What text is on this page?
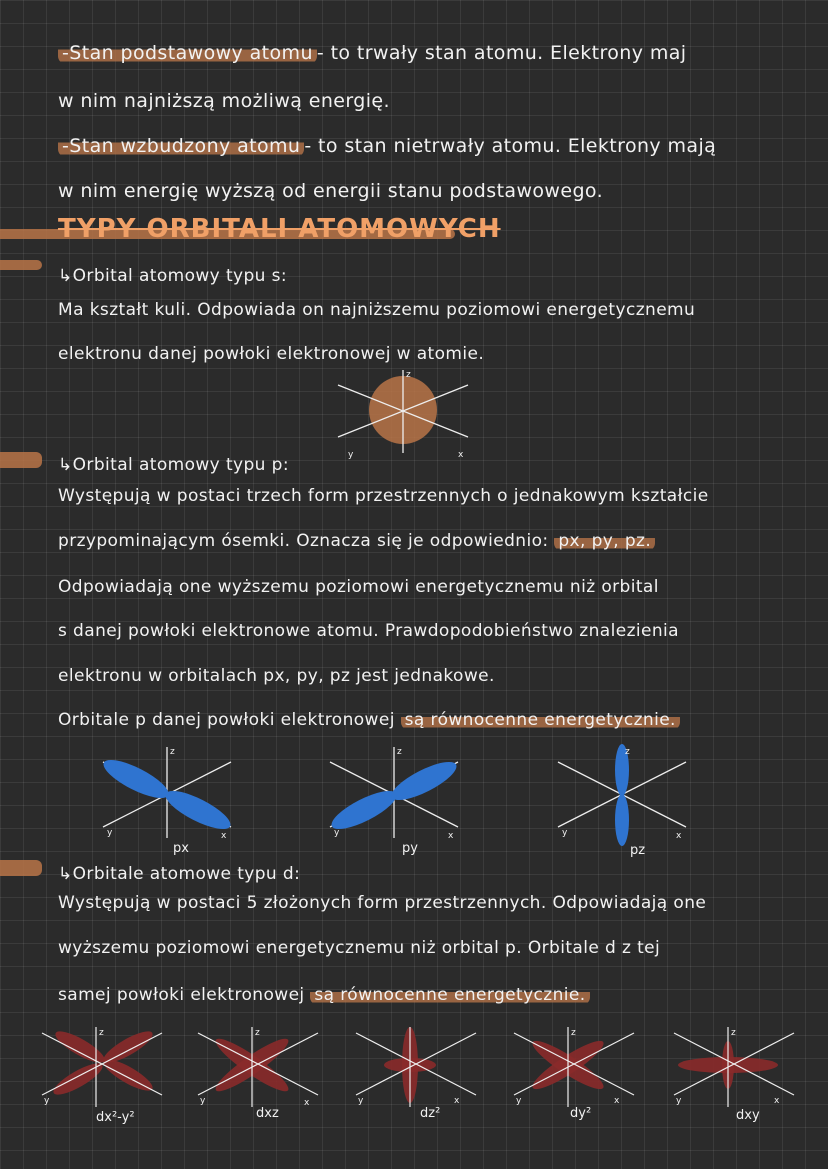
-Stan podstawowy atomu - to trwały stan atomu. Elektrony maj
w nim najniższą możliwą energię.
-Stan wzbudzony atomu - to stan nietrwały atomu. Elektrony mają
w nim energię wyższą od energii stanu podstawowego.
TYPY ORBITALI ATOMOWYCH
↳Orbital atomowy typu s:
Ma kształt kuli. Odpowiada on najniższemu poziomowi energetycznemu
elektronu danej powłoki elektronowej w atomie.
z
y	x
↳Orbital atomowy typu p:
Występują w postaci trzech form przestrzennych o jednakowym kształcie
przypominającym ósemki. Oznacza się je odpowiednio: px, py, pz.
Odpowiadają one wyższemu poziomowi energetycznemu niż orbital
s danej powłoki elektronowe atomu. Prawdopodobieństwo znalezienia
elektronu w orbitalach px, py, pz jest jednakowe.
Orbitale p danej powłoki elektronowej są równocenne energetycznie.
z
y	x
px
z
y	x
py
z
y	x
pz
↳Orbitale atomowe typu d:
Występują w postaci 5 złożonych form przestrzennych. Odpowiadają one
wyższemu poziomowi energetycznemu niż orbital p. Orbitale d z tej
samej powłoki elektronowej są równocenne energetycznie.
z
y
dx²-y²
z
y	x
dxz
y	x
dz²
z
y	x
dy²
z
y	x
dxy
